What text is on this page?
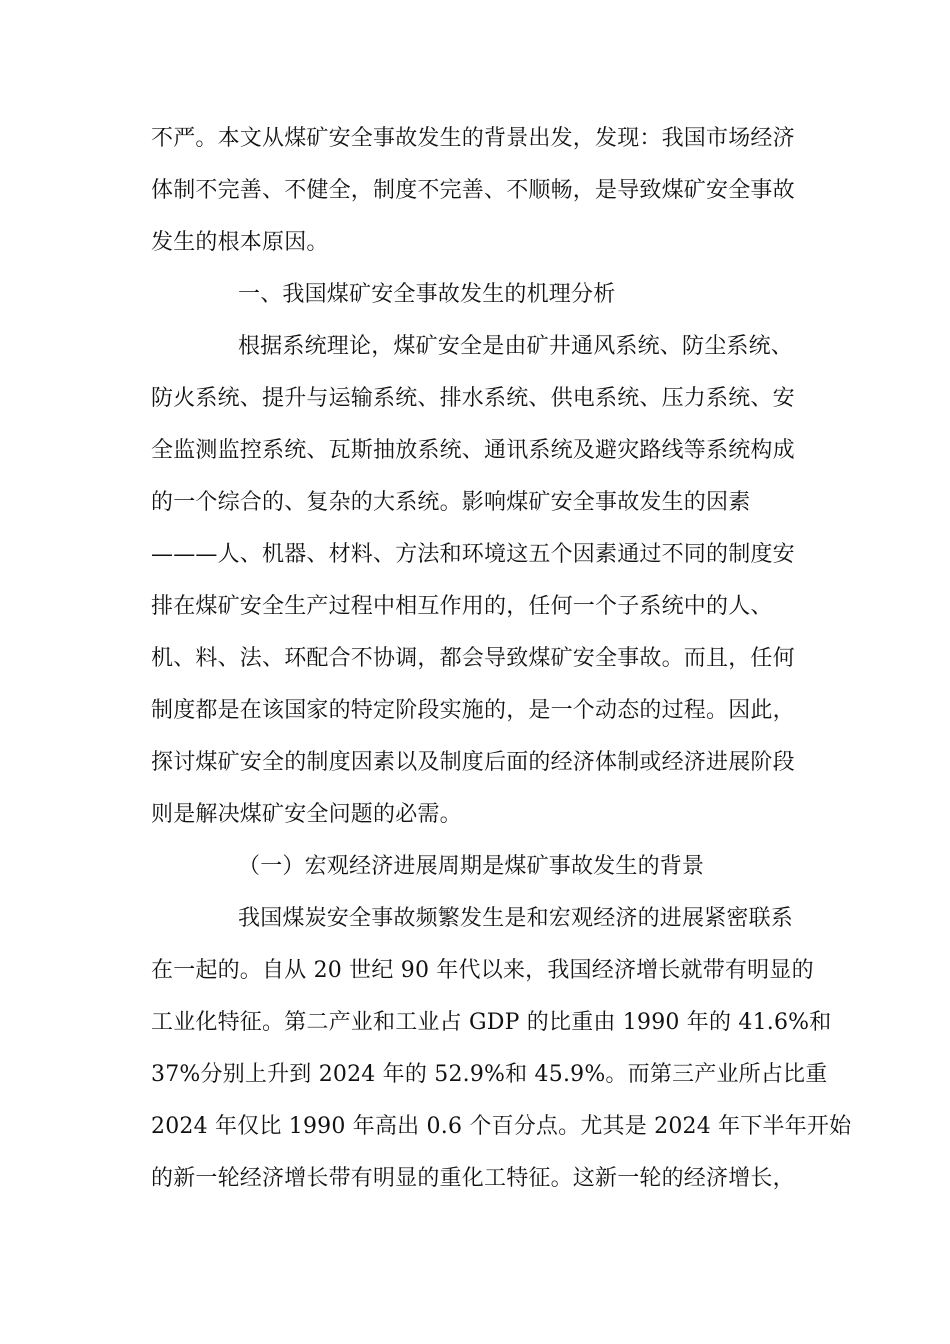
不严。本文从煤矿安全事故发生的背景出发，发现：我国市场经济
体制不完善、不健全，制度不完善、不顺畅，是导致煤矿安全事故
发生的根本原因。
一、我国煤矿安全事故发生的机理分析
根据系统理论，煤矿安全是由矿井通风系统、防尘系统、
防火系统、提升与运输系统、排水系统、供电系统、压力系统、安
全监测监控系统、瓦斯抽放系统、通讯系统及避灾路线等系统构成
的一个综合的、复杂的大系统。影响煤矿安全事故发生的因素
———人、机器、材料、方法和环境这五个因素通过不同的制度安
排在煤矿安全生产过程中相互作用的，任何一个子系统中的人、
机、料、法、环配合不协调，都会导致煤矿安全事故。而且，任何
制度都是在该国家的特定阶段实施的，是一个动态的过程。因此，
探讨煤矿安全的制度因素以及制度后面的经济体制或经济进展阶段
则是解决煤矿安全问题的必需。
（一）宏观经济进展周期是煤矿事故发生的背景
我国煤炭安全事故频繁发生是和宏观经济的进展紧密联系
在一起的。自从 20 世纪 90 年代以来，我国经济增长就带有明显的
工业化特征。第二产业和工业占 GDP 的比重由 1990 年的 41.6%和
37%分别上升到 2024 年的 52.9%和 45.9%。而第三产业所占比重
2024 年仅比 1990 年高出 0.6 个百分点。尤其是 2024 年下半年开始
的新一轮经济增长带有明显的重化工特征。这新一轮的经济增长，
